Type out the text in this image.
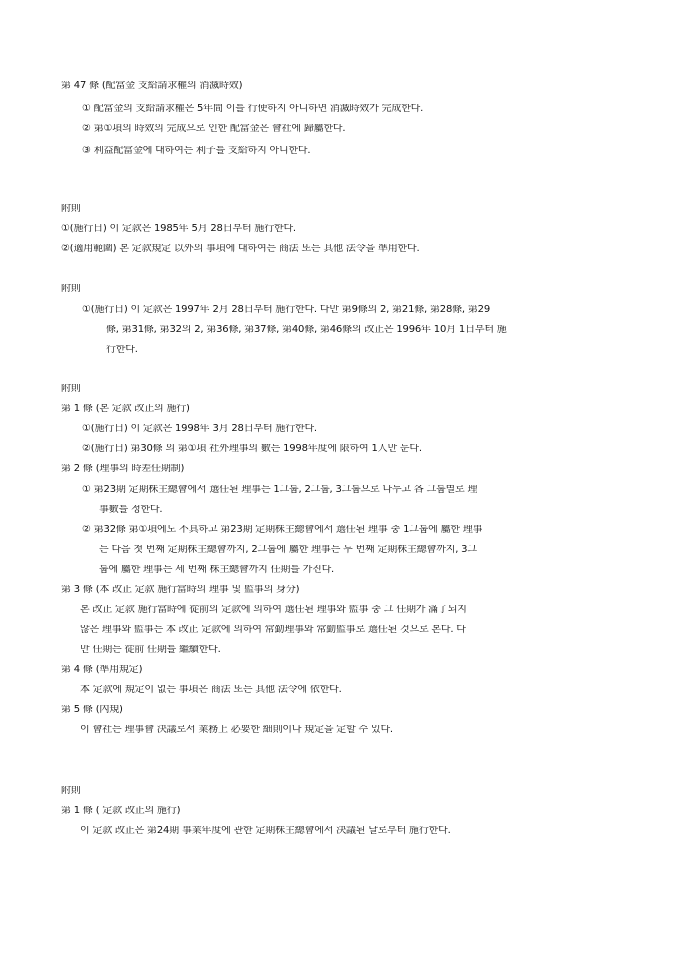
第 47 條 (配當金 支給請求權의 消滅時效)
① 配當金의 支給請求權은 5年間 이를 行使하지 아니하면 消滅時效가 完成한다.
② 第①項의 時效의 完成으로 인한 配當金은 會社에 歸屬한다.
③ 利益配當金에 대하여는 利子를 支給하지 아니한다.
附則
①(施行日) 이 定款은 1985年 5月 28日부터 施行한다.
②(適用範圍) 본 定款規定 以外의 事項에 대하여는 商法 또는 其他 法令을 準用한다.
附則
①(施行日) 이 定款은 1997年 2月 28日부터 施行한다. 다만 第9條의 2, 第21條, 第28條, 第29
條, 第31條, 第32의 2, 第36條, 第37條, 第40條, 第46條의 改正은 1996年 10月 1日부터 施
行한다.
附則
第 1 條 (본 定款 改正의 施行)
①(施行日) 이 定款은 1998年 3月 28日부터 施行한다.
②(施行日) 第30條 의 第①項 社外理事의 數는 1998年度에 限하여 1人만 둔다.
第 2 條 (理事의 時差任期制)
① 第23期 定期株主總會에서 選任된 理事는 1그룹, 2그룹, 3그룹으로 나누고 各 그룹별로 理
事數를 정한다.
② 第32條 第①項에도 不具하고 第23期 定期株主總會에서 選任된 理事 중 1그룹에 屬한 理事
는 다음 첫 번째 定期株主總會까지, 2그룹에 屬한 理事는 두 번째 定期株主總會까지, 3그
룹에 屬한 理事는 세 번째 株主總會까지 任期를 가진다.
第 3 條 (本 改正 定款 施行當時의 理事 및 監事의 身分)
본 改正 定款 施行當時에 從前의 定款에 의하여 選任된 理事와 監事 중 그 任期가 滿了되지
않은 理事와 監事는 本 改正 定款에 의하여 常勤理事와 常勤監事로 選任된 것으로 본다. 다
만 任期는 從前 任期를 繼續한다.
第 4 條 (準用規定)
本 定款에 規定이 없는 事項은 商法 또는 其他 法令에 依한다.
第 5 條 (內規)
이 會社는 理事會 決議로서 業務上 必要한 細則이나 規定을 定할 수 있다.
附則
第 1 條 ( 定款 改正의 施行)
이 定款 改正은 第24期 事業年度에 관한 定期株主總會에서 決議된 날로부터 施行한다.
